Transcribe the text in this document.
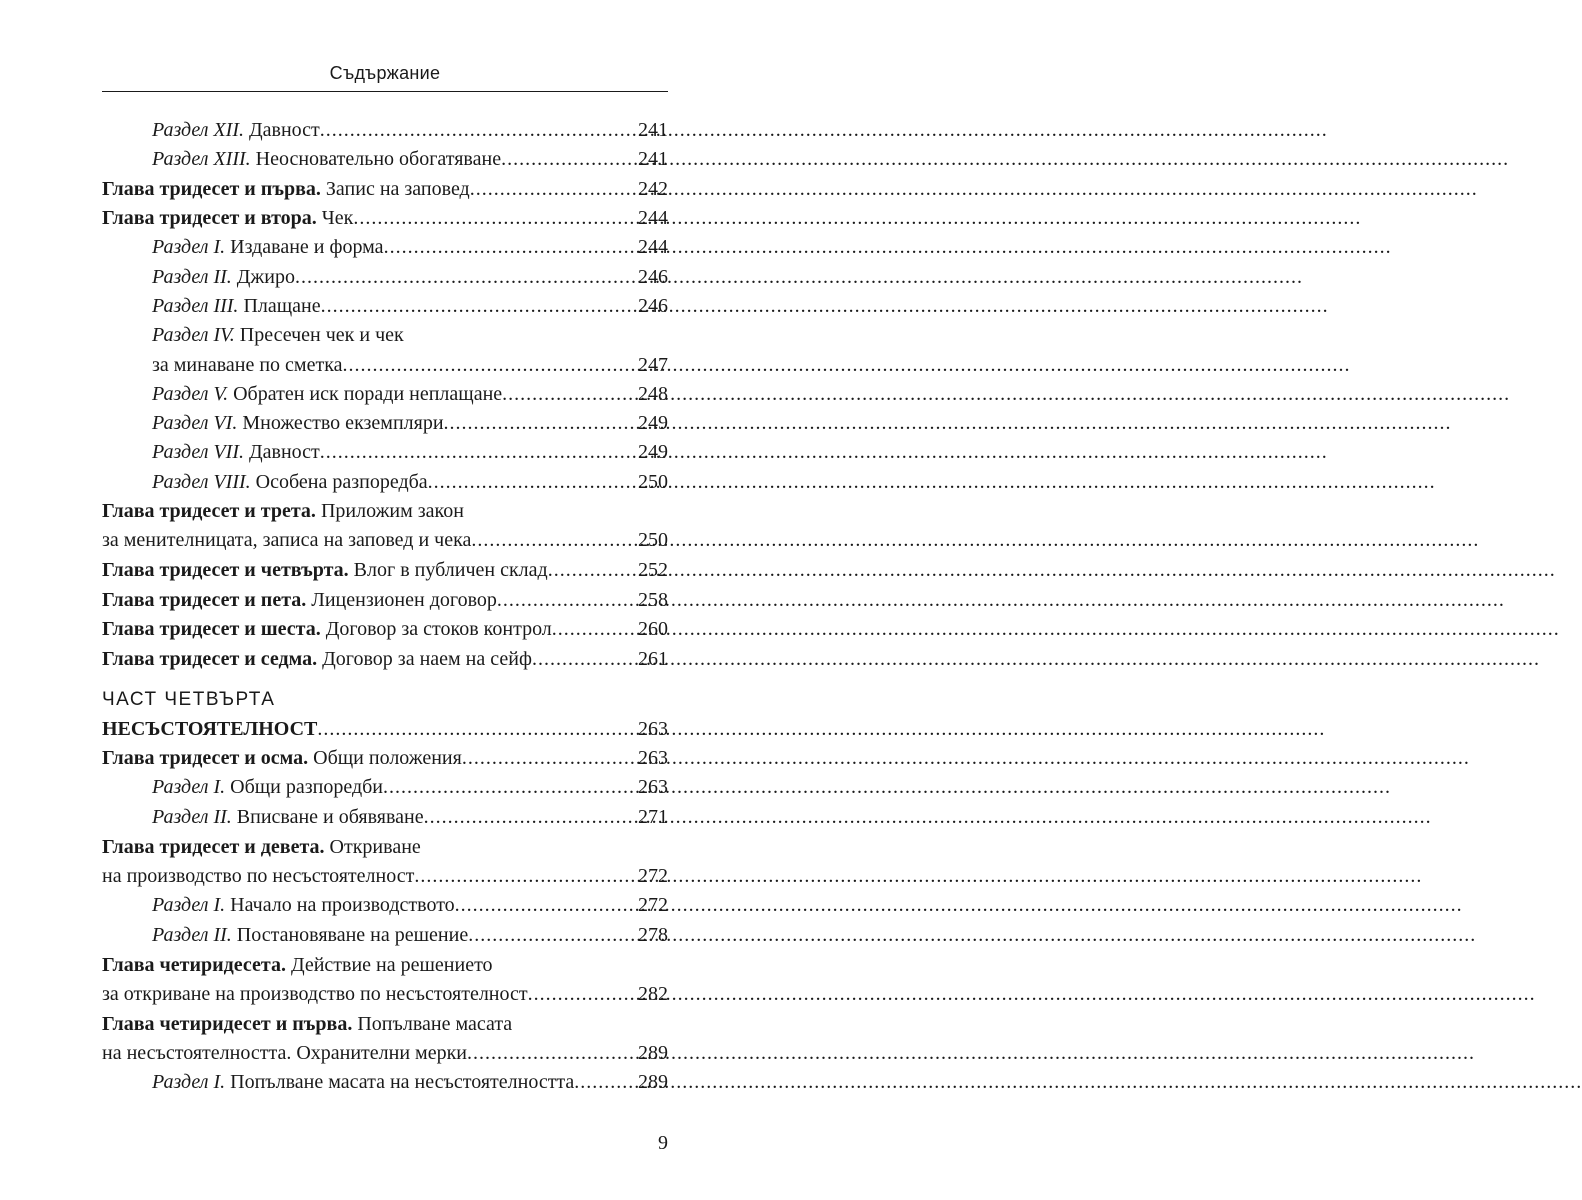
Съдържание
Раздел XII. Давност .....	241
Раздел XIII. Неосновательно обогатяване .....	241
Глава тридесет и първа. Запис на заповед .....	242
Глава тридесет и втора. Чек .....	244
Раздел I. Издаване и форма .....	244
Раздел II. Джиро .....	246
Раздел III. Плащане .....	246
Раздел IV. Пресечен чек и чек
за минаване по сметка .....	247
Раздел V. Обратен иск поради неплащане .....	248
Раздел VI. Множество екземпляри .....	249
Раздел VII. Давност .....	249
Раздел VIII. Особена разпоредба .....	250
Глава тридесет и трета. Приложим закон
за менителницата, записа на заповед и чека .....	250
Глава тридесет и четвърта. Влог в публичен склад .....	252
Глава тридесет и пета. Лицензионен договор .....	258
Глава тридесет и шеста. Договор за стоков контрол .....	260
Глава тридесет и седма. Договор за наем на сейф .....	261
ЧАСТ ЧЕТВЪРТА
НЕСЪСТОЯТЕЛНОСТ .....	263
Глава тридесет и осма. Общи положения .....	263
Раздел I. Общи разпоредби .....	263
Раздел II. Вписване и обявяване .....	271
Глава тридесет и девета. Откриване
на производство по несъстоятелност .....	272
Раздел I. Начало на производството .....	272
Раздел II. Постановяване на решение .....	278
Глава четиридесета. Действие на решението
за откриване на производство по несъстоятелност .....	282
Глава четиридесет и първа. Попълване масата
на несъстоятелността. Охранителни мерки .....	289
Раздел I. Попълване масата на несъстоятелността .....	289
9
